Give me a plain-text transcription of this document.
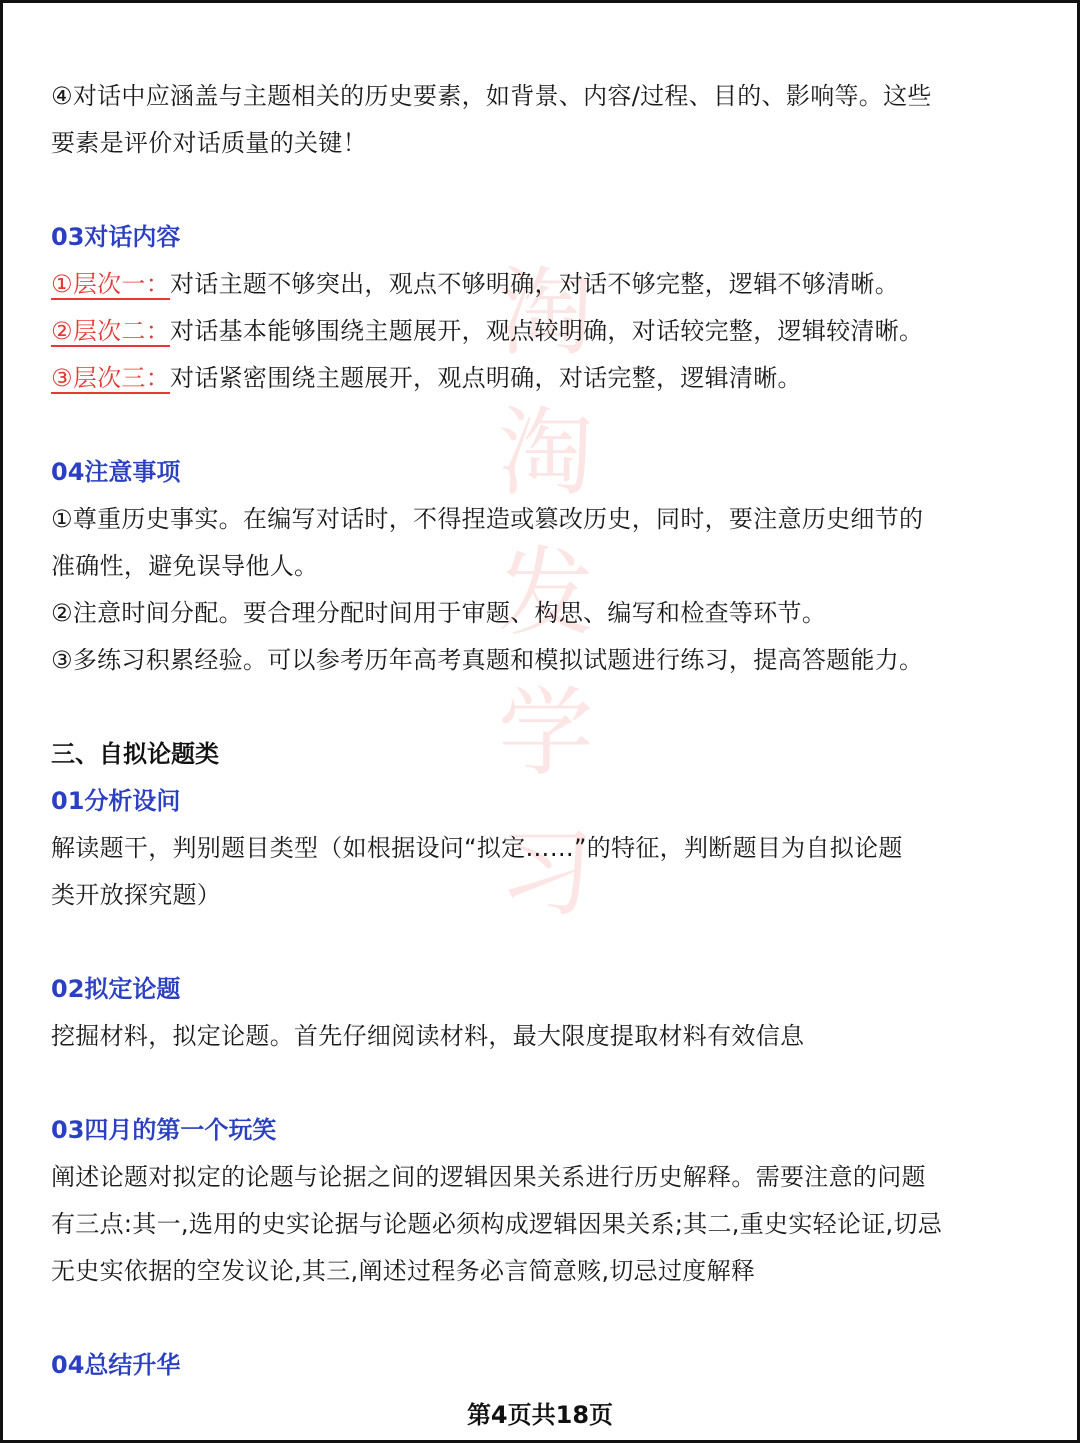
淘
淘
发
学
习

④对话中应涵盖与主题相关的历史要素，如背景、内容/过程、目的、影响等。这些

要素是评价对话质量的关键！

03对话内容

①层次一：对话主题不够突出，观点不够明确，对话不够完整，逻辑不够清晰。

②层次二：对话基本能够围绕主题展开，观点较明确，对话较完整，逻辑较清晰。

③层次三：对话紧密围绕主题展开，观点明确，对话完整，逻辑清晰。

04注意事项

①尊重历史事实。在编写对话时，不得捏造或篡改历史，同时，要注意历史细节的

准确性，避免误导他人。

②注意时间分配。要合理分配时间用于审题、构思、编写和检查等环节。

③多练习积累经验。可以参考历年高考真题和模拟试题进行练习，提高答题能力。

三、自拟论题类

01分析设问

解读题干，判别题目类型（如根据设问“拟定……”的特征，判断题目为自拟论题

类开放探究题）

02拟定论题

挖掘材料，拟定论题。首先仔细阅读材料，最大限度提取材料有效信息

03四月的第一个玩笑

阐述论题对拟定的论题与论据之间的逻辑因果关系进行历史解释。需要注意的问题

有三点:其一,选用的史实论据与论题必须构成逻辑因果关系;其二,重史实轻论证,切忌

无史实依据的空发议论,其三,阐述过程务必言简意赅,切忌过度解释

04总结升华

第4页共18页
